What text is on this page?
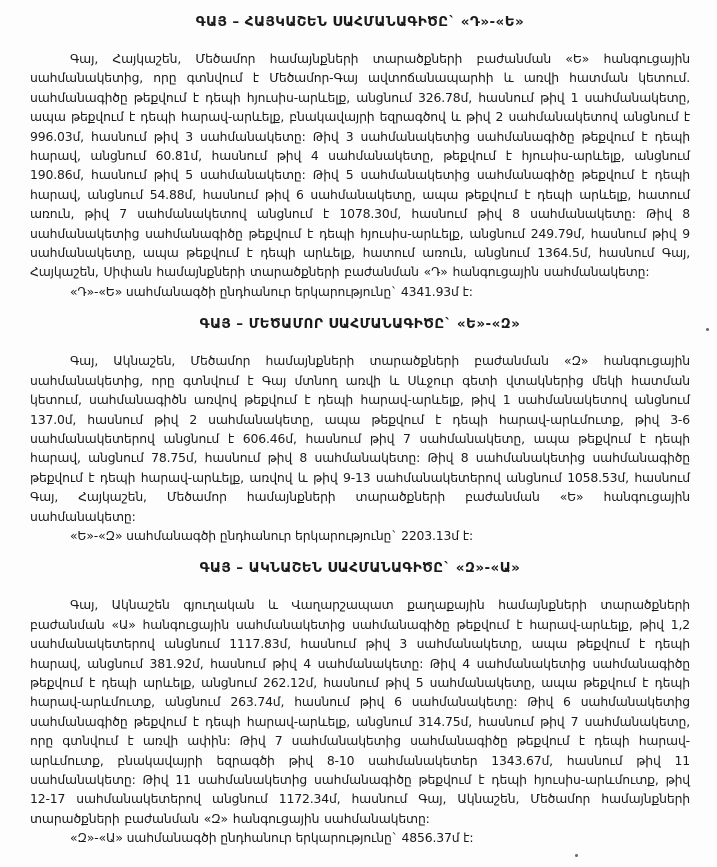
ԳԱՅ – ՀԱՅԿԱՇԵՆ ՍԱՀՄԱՆԱԳԻԾԸ` «Դ»-«Ե»

Գայ, Հայկաշեն, Մեծամոր համայնքների տարածքների բաժանման «Ե» հանգուցային սահմանակետից, որը գտնվում է Մեծամոր-Գայ ավտոճանապարհի և առվի հատման կետում. սահմանագիծը թեքվում է դեպի հյուսիս-արևելք, անցնում 326.78մ, հասնում թիվ 1 սահմանակետը, ապա թեքվում է դեպի հարավ-արևելք, բնակավայրի եզրագծով և թիվ 2 սահմանակետով անցնում է 996.03մ, հասնում թիվ 3 սահմանակետը: Թիվ 3 սահմանակետից սահմանագիծը թեքվում է դեպի հարավ, անցնում 60.81մ, հասնում թիվ 4 սահմանակետը, թեքվում է հյուսիս-արևելք, անցնում 190.86մ, հասնում թիվ 5 սահմանակետը: Թիվ 5 սահմանակետից սահմանագիծը թեքվում է դեպի հարավ, անցնում 54.88մ, հասնում թիվ 6 սահմանակետը, ապա թեքվում է դեպի արևելք, հատում առուն, թիվ 7 սահմանակետով անցնում է 1078.30մ, հասնում թիվ 8 սահմանակետը: Թիվ 8 սահմանակետից սահմանագիծը թեքվում է դեպի հյուսիս-արևելք, անցնում 249.79մ, հասնում թիվ 9 սահմանակետը, ապա թեքվում է դեպի արևելք, հատում առուն, անցնում 1364.5մ, հասնում Գայ, Հայկաշեն, Սիփան համայնքների տարածքների բաժանման «Դ» հանգուցային սահմանակետը:

«Դ»-«Ե» սահմանագծի ընդհանուր երկարությունը` 4341.93մ է:

ԳԱՅ – ՄԵԾԱՄՈՐ ՍԱՀՄԱՆԱԳԻԾԸ` «Ե»-«Զ»

Գայ, Ակնաշեն, Մեծամոր համայնքների տարածքների բաժանման «Զ» հանգուցային սահմանակետից, որը գտնվում է Գայ մտնող առվի և Սևջուր գետի վտակներից մեկի հատման կետում, սահմանագիծն առվով թեքվում է դեպի հարավ-արևելք, թիվ 1 սահմանակետով անցնում 137.0մ, հասնում թիվ 2 սահմանակետը, ապա թեքվում է դեպի հարավ-արևմուտք, թիվ 3-6 սահմանակետերով անցնում է 606.46մ, հասնում թիվ 7 սահմանակետը, ապա թեքվում է դեպի հարավ, անցնում 78.75մ, հասնում թիվ 8 սահմանակետը: Թիվ 8 սահմանակետից սահմանագիծը թեքվում է դեպի հարավ-արևելք, առվով և թիվ 9-13 սահմանակետերով անցնում 1058.53մ, հասնում Գայ, Հայկաշեն, Մեծամոր համայնքների տարածքների բաժանման «Ե» հանգուցային սահմանակետը:

«Ե»-«Զ» սահմանագծի ընդհանուր երկարությունը` 2203.13մ է:

ԳԱՅ – ԱԿՆԱՇԵՆ ՍԱՀՄԱՆԱԳԻԾԸ` «Զ»-«Ա»

Գայ, Ակնաշեն գյուղական և Վաղարշապատ քաղաքային համայնքների տարածքների բաժանման «Ա» հանգուցային սահմանակետից սահմանագիծը թեքվում է հարավ-արևելք, թիվ 1,2 սահմանակետերով անցնում 1117.83մ, հասնում թիվ 3 սահմանակետը, ապա թեքվում է դեպի հարավ, անցնում 381.92մ, հասնում թիվ 4 սահմանակետը: Թիվ 4 սահմանակետից սահմանագիծը թեքվում է դեպի արևելք, անցնում 262.12մ, հասնում թիվ 5 սահմանակետը, ապա թեքվում է դեպի հարավ-արևմուտք, անցնում 263.74մ, հասնում թիվ 6 սահմանակետը: Թիվ 6 սահմանակետից սահմանագիծը թեքվում է դեպի հարավ-արևելք, անցնում 314.75մ, հասնում թիվ 7 սահմանակետը, որը գտնվում է առվի ափին: Թիվ 7 սահմանակետից սահմանագիծը թեքվում է դեպի հարավ-արևմուտք, բնակավայրի եզրագծի թիվ 8-10 սահմանակետեր 1343.67մ, հասնում թիվ 11 սահմանակետը: Թիվ 11 սահմանակետից սահմանագիծը թեքվում է դեպի հյուսիս-արևմուտք, թիվ 12-17 սահմանակետերով անցնում 1172.34մ, հասնում Գայ, Ակնաշեն, Մեծամոր համայնքների տարածքների բաժանման «Զ» հանգուցային սահմանակետը:

«Զ»-«Ա» սահմանագծի ընդհանուր երկարությունը` 4856.37մ է:
